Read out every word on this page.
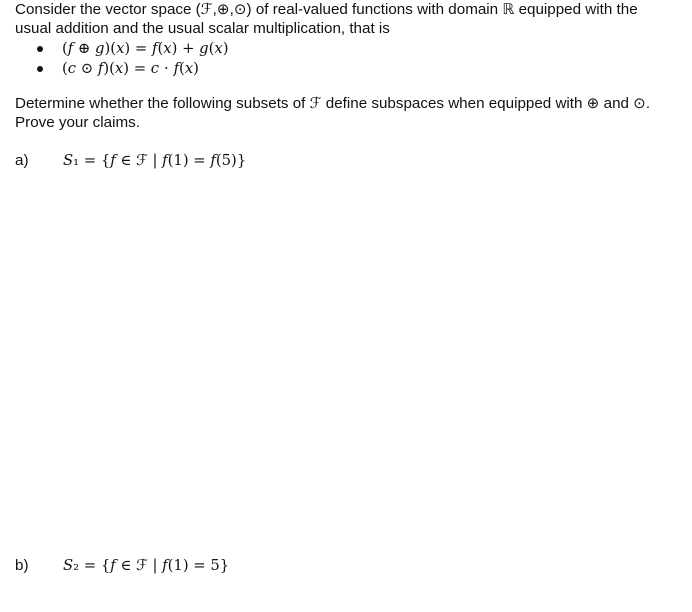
Consider the vector space (ℱ,⊕,⊙) of real-valued functions with domain ℝ equipped with the
usual addition and the usual scalar multiplication, that is
(𝑓 ⊕ 𝑔)(𝑥) = 𝑓(𝑥) + 𝑔(𝑥)
(𝑐 ⊙ 𝑓)(𝑥) = 𝑐 ⋅ 𝑓(𝑥)
Determine whether the following subsets of ℱ define subspaces when equipped with ⊕ and ⊙.
Prove your claims.
a) 𝑆₁ = {𝑓 ∈ ℱ | 𝑓(1) = 𝑓(5)}
b) 𝑆₂ = {𝑓 ∈ ℱ | 𝑓(1) = 5}
